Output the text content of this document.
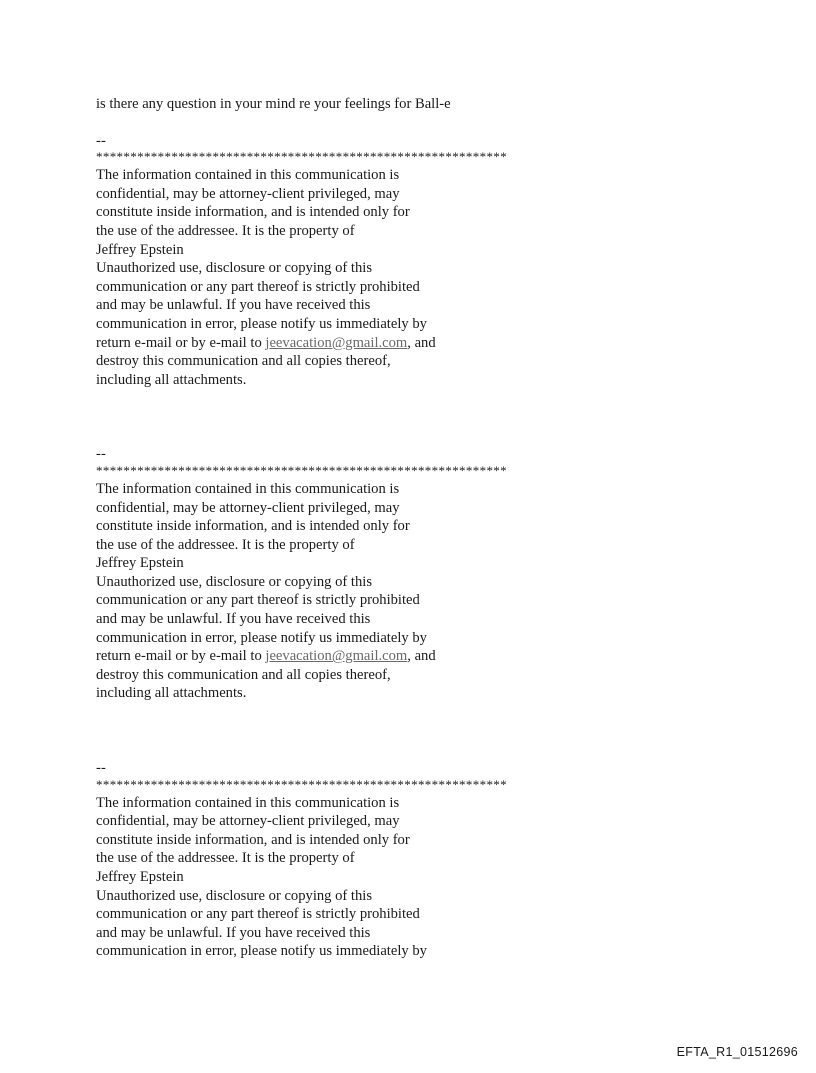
is there any question in your mind re your feelings for Ball-e
--
************************************************************
The information contained in this communication is
confidential, may be attorney-client privileged, may
constitute inside information, and is intended only for
the use of the addressee. It is the property of
Jeffrey Epstein
Unauthorized use, disclosure or copying of this
communication or any part thereof is strictly prohibited
and may be unlawful. If you have received this
communication in error, please notify us immediately by
return e-mail or by e-mail to jeevacation@gmail.com, and
destroy this communication and all copies thereof,
including all attachments.
--
************************************************************
The information contained in this communication is
confidential, may be attorney-client privileged, may
constitute inside information, and is intended only for
the use of the addressee. It is the property of
Jeffrey Epstein
Unauthorized use, disclosure or copying of this
communication or any part thereof is strictly prohibited
and may be unlawful. If you have received this
communication in error, please notify us immediately by
return e-mail or by e-mail to jeevacation@gmail.com, and
destroy this communication and all copies thereof,
including all attachments.
--
************************************************************
The information contained in this communication is
confidential, may be attorney-client privileged, may
constitute inside information, and is intended only for
the use of the addressee. It is the property of
Jeffrey Epstein
Unauthorized use, disclosure or copying of this
communication or any part thereof is strictly prohibited
and may be unlawful. If you have received this
communication in error, please notify us immediately by
EFTA_R1_01512696
